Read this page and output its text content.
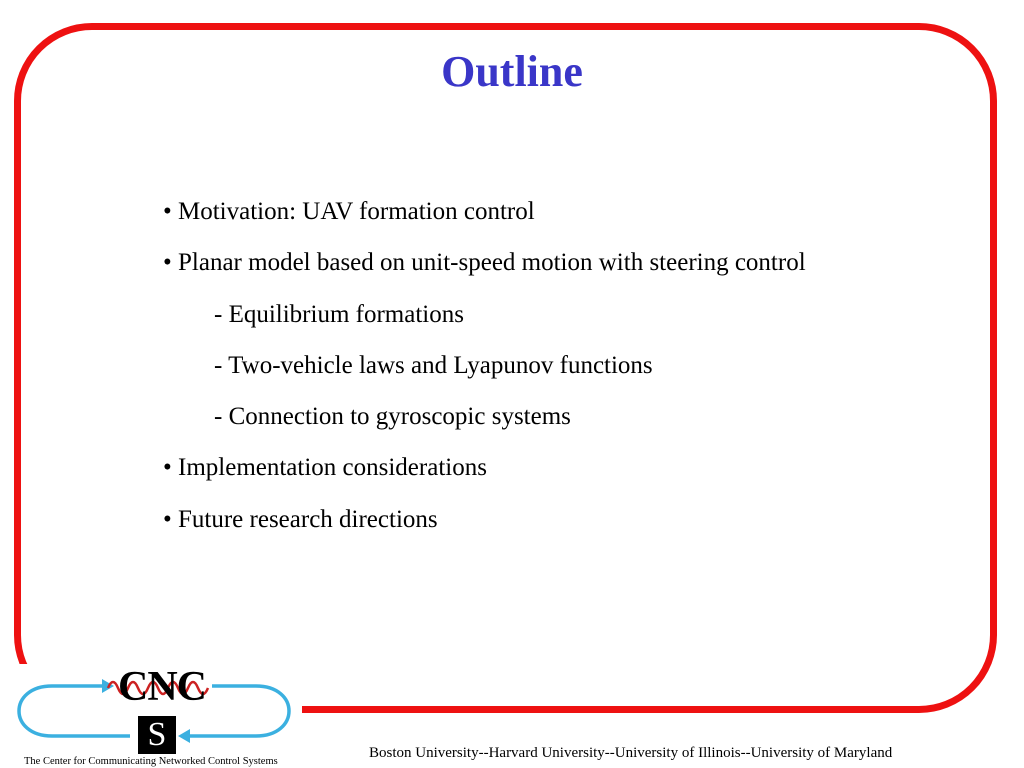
Outline
• Motivation: UAV formation control
• Planar model based on unit-speed motion with steering control
- Equilibrium formations
- Two-vehicle laws and Lyapunov functions
- Connection to gyroscopic systems
• Implementation considerations
• Future research directions
CNC
S
The Center for Communicating Networked Control Systems
Boston University--Harvard University--University of Illinois--University of Maryland
